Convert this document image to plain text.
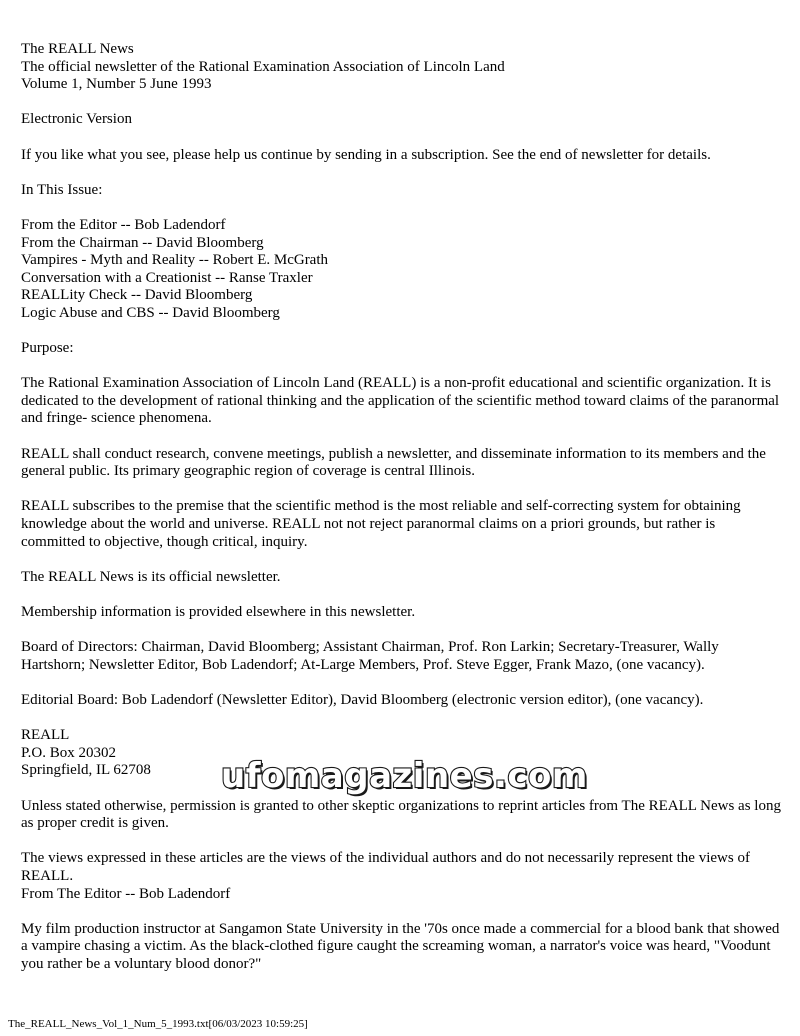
The REALL News
The official newsletter of the Rational Examination Association of Lincoln Land
Volume 1, Number 5 June 1993

Electronic Version

If you like what you see, please help us continue by sending in a subscription. See the end of newsletter for details.

In This Issue:

From the Editor -- Bob Ladendorf
From the Chairman -- David Bloomberg
Vampires - Myth and Reality -- Robert E. McGrath
Conversation with a Creationist -- Ranse Traxler
REALLity Check -- David Bloomberg
Logic Abuse and CBS -- David Bloomberg

Purpose:

The Rational Examination Association of Lincoln Land (REALL) is a non-profit educational and scientific organization. It is dedicated to the development of rational thinking and the application of the scientific method toward claims of the paranormal and fringe- science phenomena.

REALL shall conduct research, convene meetings, publish a newsletter, and disseminate information to its members and the general public. Its primary geographic region of coverage is central Illinois.

REALL subscribes to the premise that the scientific method is the most reliable and self-correcting system for obtaining knowledge about the world and universe. REALL not not reject paranormal claims on a priori grounds, but rather is committed to objective, though critical, inquiry.

The REALL News is its official newsletter.

Membership information is provided elsewhere in this newsletter.

Board of Directors: Chairman, David Bloomberg; Assistant Chairman, Prof. Ron Larkin; Secretary-Treasurer, Wally Hartshorn; Newsletter Editor, Bob Ladendorf; At-Large Members, Prof. Steve Egger, Frank Mazo, (one vacancy).

Editorial Board: Bob Ladendorf (Newsletter Editor), David Bloomberg (electronic version editor), (one vacancy).

REALL
P.O. Box 20302
Springfield, IL 62708

Unless stated otherwise, permission is granted to other skeptic organizations to reprint articles from The REALL News as long as proper credit is given.

The views expressed in these articles are the views of the individual authors and do not necessarily represent the views of REALL.

From The Editor -- Bob Ladendorf

My film production instructor at Sangamon State University in the '70s once made a commercial for a blood bank that showed a vampire chasing a victim. As the black-clothed figure caught the screaming woman, a narrator's voice was heard, "Voodunt you rather be a voluntary blood donor?"

ufomagazines.com
The_REALL_News_Vol_1_Num_5_1993.txt[06/03/2023 10:59:25]
